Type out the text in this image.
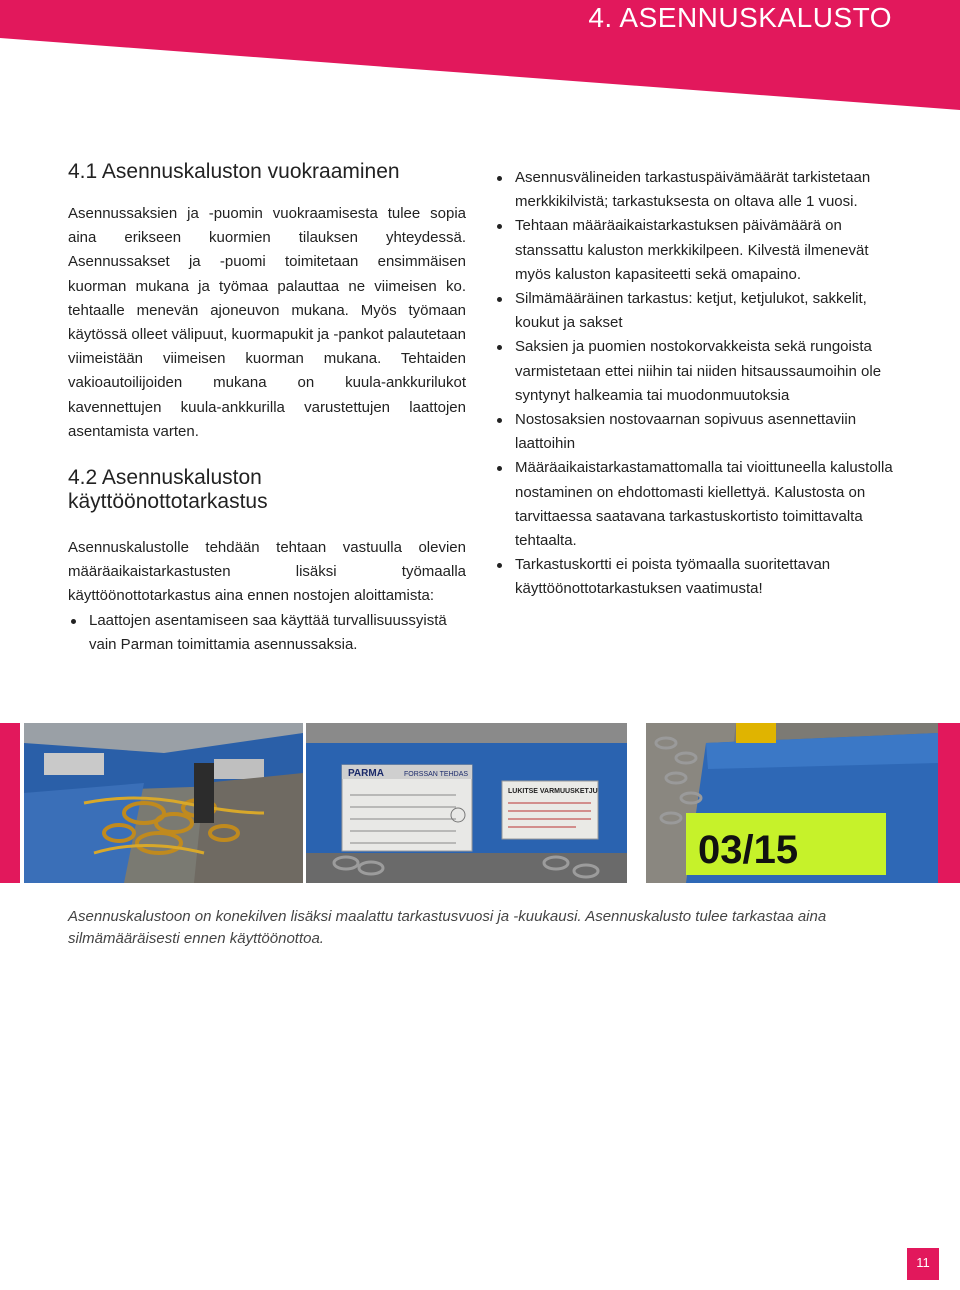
4. ASENNUSKALUSTO
4.1 Asennuskaluston vuokraaminen

Asennussaksien ja -puomin vuokraamisesta tulee sopia aina erikseen kuormien tilauksen yhteydessä. Asennussakset ja -puomi toimitetaan ensimmäisen kuorman mukana ja työmaa palauttaa ne viimeisen ko. tehtaalle menevän ajoneuvon mukana. Myös työmaan käytössä olleet välipuut, kuormapukit ja -pankot palautetaan viimeistään viimeisen kuorman mukana. Tehtaiden vakioautoilijoiden mukana on kuula-ankkurilukot kavennettujen kuula-ankkurilla varustettujen laattojen asentamista varten.

4.2 Asennuskaluston käyttöönottotarkastus

Asennuskalustolle tehdään tehtaan vastuulla olevien määräaikaistarkastusten lisäksi työmaalla käyttöönottotarkastus aina ennen nostojen aloittamista:

Laattojen asentamiseen saa käyttää turvallisuussyistä vain Parman toimittamia asennussaksia.
Asennusvälineiden tarkastuspäivämäärät tarkistetaan merkkikilvistä; tarkastuksesta on oltava alle 1 vuosi.
Tehtaan määräaikaistarkastuksen päivämäärä on stanssattu kaluston merkkikilpeen. Kilvestä ilmenevät myös kaluston kapasiteetti sekä omapaino.
Silmämääräinen tarkastus: ketjut, ketjulukot, sakkelit, koukut ja sakset
Saksien ja puomien nostokorvakkeista sekä rungoista varmistetaan ettei niihin tai niiden hitsaussaumoihin ole syntynyt halkeamia tai muodonmuutoksia
Nostosaksien nostovaarnan sopivuus asennettaviin laattoihin
Määräaikaistarkastamattomalla tai vioittuneella kalustolla nostaminen on ehdottomasti kiellettyä. Kalustosta on tarvittaessa saatavana tarkastuskortisto toimittavalta tehtaalta.
Tarkastuskortti ei poista työmaalla suoritettavan käyttöönottotarkastuksen vaatimusta!
PARMA	FORSSAN TEHDAS
LUKITSE VARMUUSKETJU
03/15
Asennuskalustoon on konekilven lisäksi maalattu tarkastusvuosi ja -kuukausi. Asennuskalusto tulee tarkastaa aina silmämääräisesti ennen käyttöönottoa.
11
